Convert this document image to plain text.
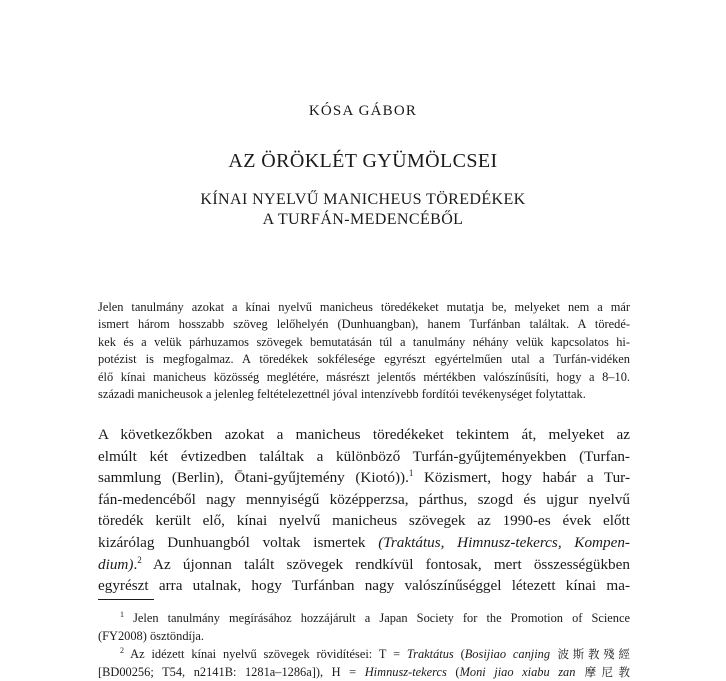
KÓSA GÁBOR
AZ ÖRÖKLÉT GYÜMÖLCSEI
KÍNAI NYELVŰ MANICHEUS TÖREDÉKEK
A TURFÁN-MEDENCÉBŐL
Jelen tanulmány azokat a kínai nyelvű manicheus töredékeket mutatja be, melyeket nem a már
ismert három hosszabb szöveg lelőhelyén (Dunhuangban), hanem Turfánban találtak. A töredé-
kek és a velük párhuzamos szövegek bemutatásán túl a tanulmány néhány velük kapcsolatos hi-
potézist is megfogalmaz. A töredékek sokfélesége egyrészt egyértelműen utal a Turfán-vidéken
élő kínai manicheus közösség meglétére, másrészt jelentős mértékben valószínűsíti, hogy a 8–10.
századi manicheusok a jelenleg feltételezettnél jóval intenzívebb fordítói tevékenységet folytattak.
A következőkben azokat a manicheus töredékeket tekintem át, melyeket az
elmúlt két évtizedben találtak a különböző Turfán-gyűjteményekben (Turfan-
sammlung (Berlin), Ōtani-gyűjtemény (Kiotó)).$^1$ Közismert, hogy habár a Tur-
fán-medencéből nagy mennyiségű középperzsa, párthus, szogd és ujgur nyelvű
töredék került elő, kínai nyelvű manicheus szövegek az 1990-es évek előtt
kizárólag Dunhuangból voltak ismertek (Traktátus, Himnusz-tekercs, Kompen-
dium).$^2$ Az újonnan talált szövegek rendkívül fontosak, mert összességükben
egyrészt arra utalnak, hogy Turfánban nagy valószínűséggel létezett kínai ma-
$^1$ Jelen tanulmány megírásához hozzájárult a Japan Society for the Promotion of Science
(FY2008) ösztöndíja.
$^2$ Az idézett kínai nyelvű szövegek rövidítései: T = Traktátus (Bosijiao canjing 波斯教殘經
[BD00256; T54, n2141B: 1281a–1286a]), H = Himnusz-tekercs (Moni jiao xiabu zan 摩尼教
